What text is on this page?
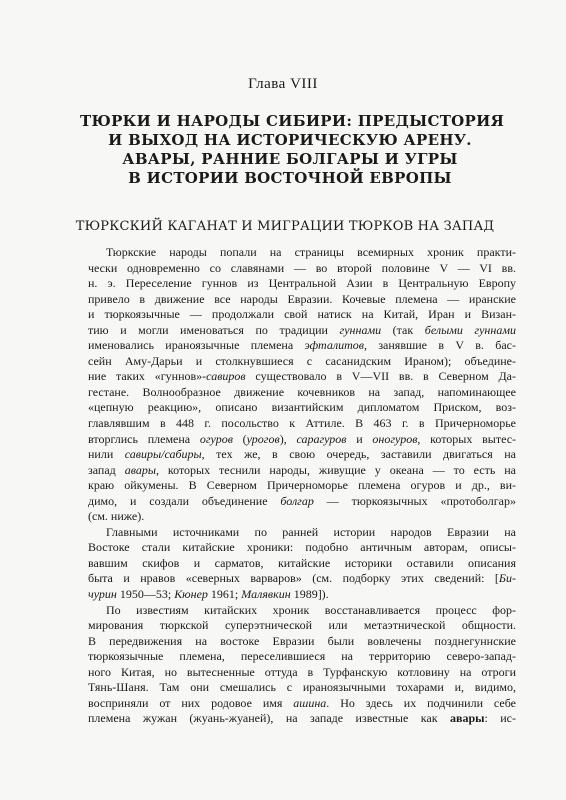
Глава VIII
ТЮРКИ И НАРОДЫ СИБИРИ: ПРЕДЫСТОРИЯ
И ВЫХОД НА ИСТОРИЧЕСКУЮ АРЕНУ.
АВАРЫ, РАННИЕ БОЛГАРЫ И УГРЫ
В ИСТОРИИ ВОСТОЧНОЙ ЕВРОПЫ
ТЮРКСКИЙ КАГАНАТ И МИГРАЦИИ ТЮРКОВ НА ЗАПАД
Тюркские народы попали на страницы всемирных хроник практи-
чески одновременно со славянами — во второй половине V — VI вв.
н. э. Переселение гуннов из Центральной Азии в Центральную Европу
привело в движение все народы Евразии. Кочевые племена — иранские
и тюркоязычные — продолжали свой натиск на Китай, Иран и Визан-
тию и могли именоваться по традиции гуннами (так белыми гуннами
именовались ираноязычные племена эфталитов, занявшие в V в. бас-
сейн Аму-Дарьи и столкнувшиеся с сасанидским Ираном); объедине-
ние таких «гуннов»-савиров существовало в V—VII вв. в Северном Да-
гестане. Волнообразное движение кочевников на запад, напоминающее
«цепную реакцию», описано византийским дипломатом Приском, воз-
главлявшим в 448 г. посольство к Аттиле. В 463 г. в Причерноморье
вторглись племена огуров (урогов), сарагуров и оногуров, которых вытес-
нили савиры/сабиры, тех же, в свою очередь, заставили двигаться на
запад авары, которых теснили народы, живущие у океана — то есть на
краю ойкумены. В Северном Причерноморье племена огуров и др., ви-
димо, и создали объединение болгар — тюркоязычных «протоболгар»
(см. ниже).
Главными источниками по ранней истории народов Евразии на
Востоке стали китайские хроники: подобно античным авторам, описы-
вавшим скифов и сарматов, китайские историки оставили описания
быта и нравов «северных варваров» (см. подборку этих сведений: [Би-
чурин 1950—53; Кюнер 1961; Малявкин 1989]).
По известиям китайских хроник восстанавливается процесс фор-
мирования тюркской суперэтнической или метаэтнической общности.
В передвижения на востоке Евразии были вовлечены позднегуннские
тюркоязычные племена, переселившиеся на территорию северо-запад-
ного Китая, но вытесненные оттуда в Турфанскую котловину на отроги
Тянь-Шаня. Там они смешались с ираноязычными тохарами и, видимо,
восприняли от них родовое имя ашина. Но здесь их подчинили себе
племена жужан (жуань-жуаней), на западе известные как авары: ис-
